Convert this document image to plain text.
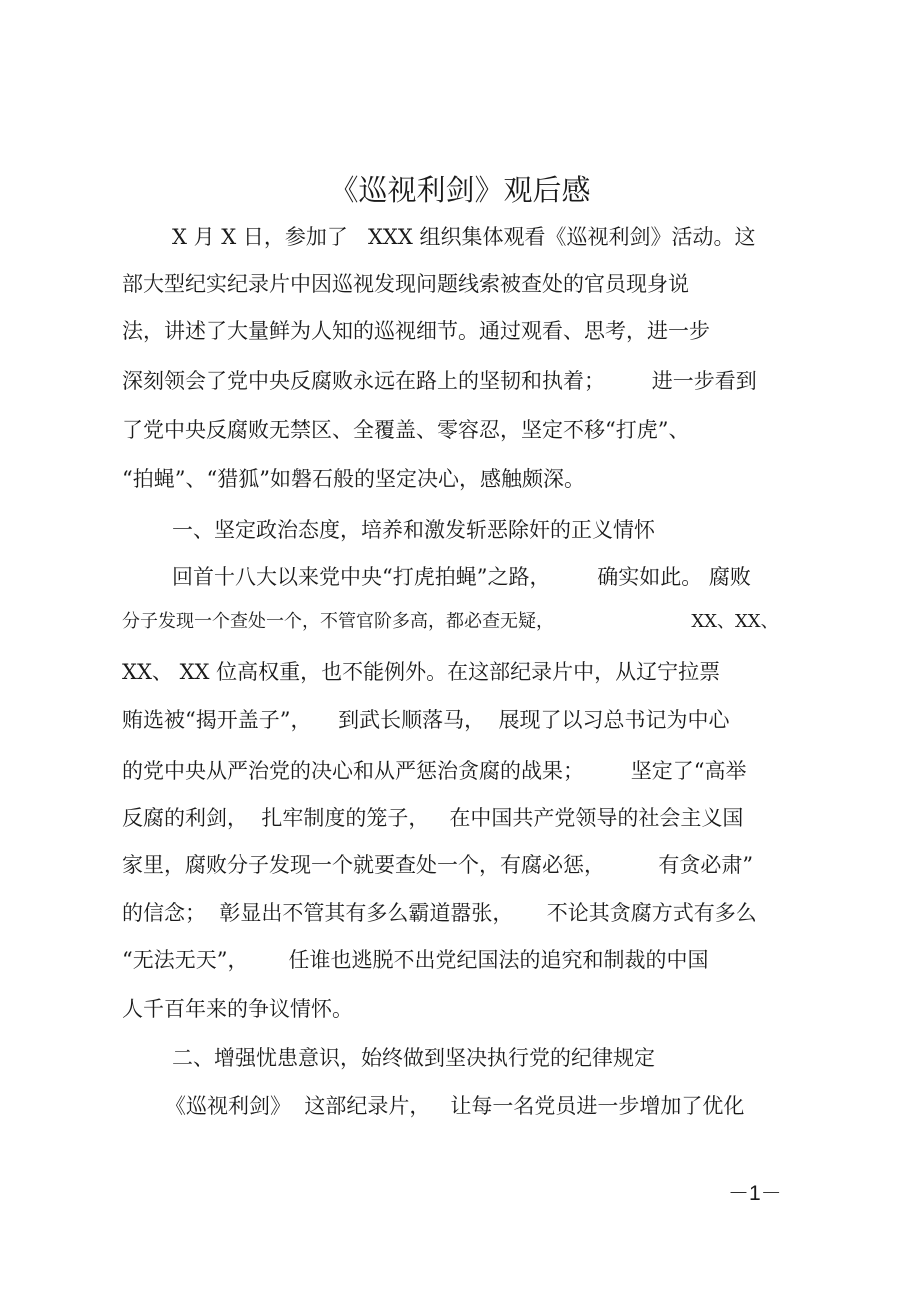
《巡视利剑》观后感
X 月 X 日，参加了   XXX 组织集体观看《巡视利剑》活动。这
部大型纪实纪录片中因巡视发现问题线索被查处的官员现身说
法，讲述了大量鲜为人知的巡视细节。通过观看、思考，进一步
深刻领会了党中央反腐败永远在路上的坚韧和执着；       进一步看到
了党中央反腐败无禁区、全覆盖、零容忍，坚定不移“打虎”、
“拍蝇”、“猎狐”如磐石般的坚定决心，感触颇深。
一、坚定政治态度，培养和激发斩恶除奸的正义情怀
回首十八大以来党中央“打虎拍蝇”之路，       确实如此。 腐败
分子发现一个查处一个，不管官阶多高，都必查无疑，                        XX、XX、
XX、 XX 位高权重，也不能例外。在这部纪录片中，从辽宁拉票
贿选被“揭开盖子”，    到武长顺落马，  展现了以习总书记为中心
的党中央从严治党的决心和从严惩治贪腐的战果；       坚定了“高举
反腐的利剑，  扎牢制度的笼子，   在中国共产党领导的社会主义国
家里，腐败分子发现一个就要查处一个，有腐必惩，        有贪必肃”
的信念；  彰显出不管其有多么霸道嚣张，     不论其贪腐方式有多么
“无法无天”，      任谁也逃脱不出党纪国法的追究和制裁的中国
人千百年来的争议情怀。
二、增强忧患意识，始终做到坚决执行党的纪律规定
《巡视利剑》  这部纪录片，   让每一名党员进一步增加了优化
－1－
